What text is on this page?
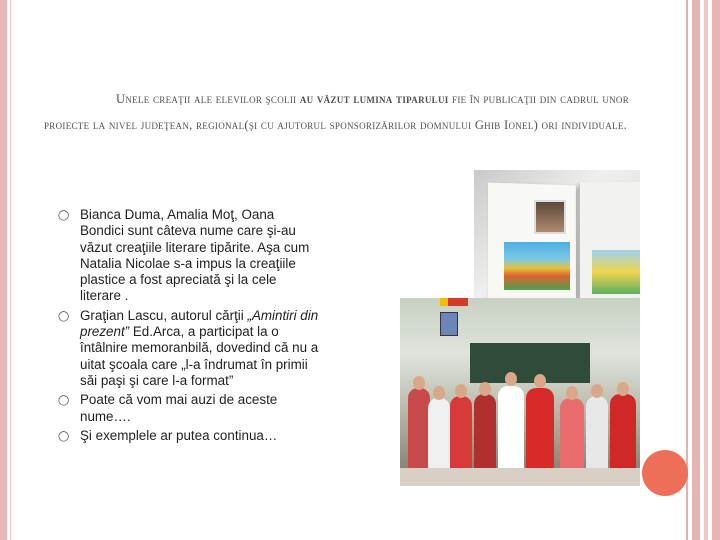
Unele creaţii ale elevilor şcolii au văzut lumina tiparului fie în publicaţii din cadrul unor proiecte la nivel judeţean, regional(şi cu ajutorul sponsorizărilor domnului Ghib Ionel) ori individuale.
◯ Bianca Duma, Amalia Moţ, Oana Bondici sunt câteva nume care şi-au văzut creaţiile literare tipărite. Aşa cum Natalia Nicolae s-a impus la creaţiile plastice a fost apreciată şi la cele literare .
◯ Graţian Lascu, autorul cărţii „Amintiri din prezent” Ed.Arca, a participat la o întâlnire memoranbilă, dovedind că nu a uitat şcoala care „l-a îndrumat în primii săi paşi şi care l-a format”
◯ Poate că vom mai auzi de aceste nume….
◯ Şi exemplele ar putea continua…
